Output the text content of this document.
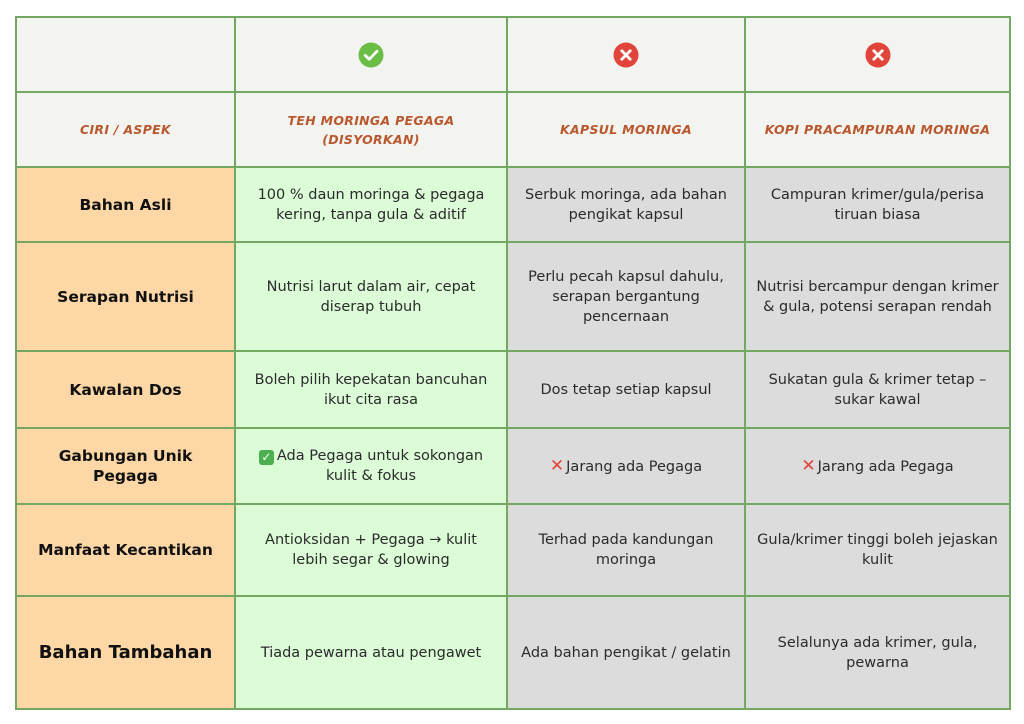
CIRI / ASPEK	TEH MORINGA PEGAGA (DISYORKAN)	KAPSUL MORINGA	KOPI PRACAMPURAN MORINGA
Bahan Asli	100 % daun moringa & pegaga kering, tanpa gula & aditif	Serbuk moringa, ada bahan pengikat kapsul	Campuran krimer/gula/perisa tiruan biasa
Serapan Nutrisi	Nutrisi larut dalam air, cepat diserap tubuh	Perlu pecah kapsul dahulu, serapan bergantung pencernaan	Nutrisi bercampur dengan krimer & gula, potensi serapan rendah
Kawalan Dos	Boleh pilih kepekatan bancuhan ikut cita rasa	Dos tetap setiap kapsul	Sukatan gula & krimer tetap – sukar kawal
Gabungan Unik Pegaga	✓ Ada Pegaga untuk sokongan kulit & fokus	✕ Jarang ada Pegaga	✕ Jarang ada Pegaga
Manfaat Kecantikan	Antioksidan + Pegaga → kulit lebih segar & glowing	Terhad pada kandungan moringa	Gula/krimer tinggi boleh jejaskan kulit
Bahan Tambahan	Tiada pewarna atau pengawet	Ada bahan pengikat / gelatin	Selalunya ada krimer, gula, pewarna
